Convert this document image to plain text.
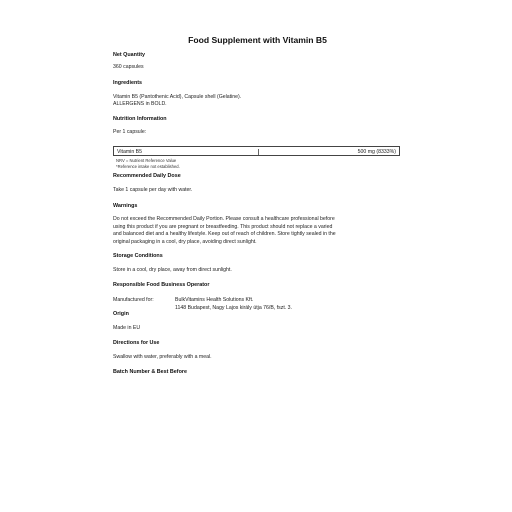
Food Supplement with Vitamin B5
Net Quantity
360 capsules
Ingredients
Vitamin B5 (Pantothenic Acid), Capsule shell (Gelatine).
ALLERGENS in BOLD.
Nutrition Information
Per 1 capsule:
Vitamin B5	500 mg (8333%)
NRV = Nutrient Reference Value
*Reference intake not established.
Recommended Daily Dose
Take 1 capsule per day with water.
Warnings
Do not exceed the Recommended Daily Portion. Please consult a healthcare professional before
using this product if you are pregnant or breastfeeding. This product should not replace a varied
and balanced diet and a healthy lifestyle. Keep out of reach of children. Store tightly sealed in the
original packaging in a cool, dry place, avoiding direct sunlight.
Storage Conditions
Store in a cool, dry place, away from direct sunlight.
Responsible Food Business Operator
Manufactured for:	BulkVitamins Health Solutions Kft.
1148 Budapest, Nagy Lajos király útja 76/B, fszt. 3.
Origin
Made in EU
Directions for Use
Swallow with water, preferably with a meal.
Batch Number & Best Before
